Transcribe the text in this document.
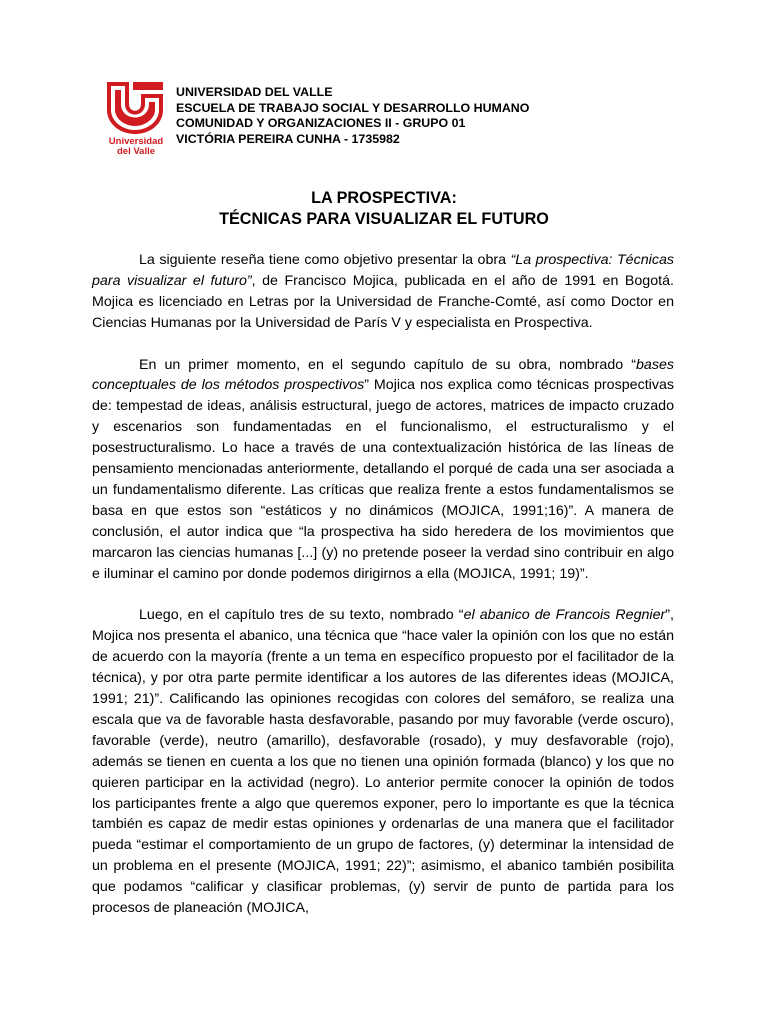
Universidad
del Valle
UNIVERSIDAD DEL VALLE
ESCUELA DE TRABAJO SOCIAL Y DESARROLLO HUMANO
COMUNIDAD Y ORGANIZACIONES II - GRUPO 01
VICTÓRIA PEREIRA CUNHA - 1735982
LA PROSPECTIVA:
TÉCNICAS PARA VISUALIZAR EL FUTURO

La siguiente reseña tiene como objetivo presentar la obra “La prospectiva: Técnicas para visualizar el futuro”, de Francisco Mojica, publicada en el año de 1991 en Bogotá. Mojica es licenciado en Letras por la Universidad de Franche-Comté, así como Doctor en Ciencias Humanas por la Universidad de París V y especialista en Prospectiva.

En un primer momento, en el segundo capítulo de su obra, nombrado “bases conceptuales de los métodos prospectivos” Mojica nos explica como técnicas prospectivas de: tempestad de ideas, análisis estructural, juego de actores, matrices de impacto cruzado y escenarios son fundamentadas en el funcionalismo, el estructuralismo y el posestructuralismo. Lo hace a través de una contextualización histórica de las líneas de pensamiento mencionadas anteriormente, detallando el porqué de cada una ser asociada a un fundamentalismo diferente. Las críticas que realiza frente a estos fundamentalismos se basa en que estos son “estáticos y no dinámicos (MOJICA, 1991;16)”. A manera de conclusión, el autor indica que “la prospectiva ha sido heredera de los movimientos que marcaron las ciencias humanas [...] (y) no pretende poseer la verdad sino contribuir en algo e iluminar el camino por donde podemos dirigirnos a ella (MOJICA, 1991; 19)”.

Luego, en el capítulo tres de su texto, nombrado “el abanico de Francois Regnier”, Mojica nos presenta el abanico, una técnica que “hace valer la opinión con los que no están de acuerdo con la mayoría (frente a un tema en específico propuesto por el facilitador de la técnica), y por otra parte permite identificar a los autores de las diferentes ideas (MOJICA, 1991; 21)”. Calificando las opiniones recogidas con colores del semáforo, se realiza una escala que va de favorable hasta desfavorable, pasando por muy favorable (verde oscuro), favorable (verde), neutro (amarillo), desfavorable (rosado), y muy desfavorable (rojo), además se tienen en cuenta a los que no tienen una opinión formada (blanco) y los que no quieren participar en la actividad (negro). Lo anterior permite conocer la opinión de todos los participantes frente a algo que queremos exponer, pero lo importante es que la técnica también es capaz de medir estas opiniones y ordenarlas de una manera que el facilitador pueda “estimar el comportamiento de un grupo de factores, (y) determinar la intensidad de un problema en el presente (MOJICA, 1991; 22)”; asimismo, el abanico también posibilita que podamos “calificar y clasificar problemas, (y) servir de punto de partida para los procesos de planeación (MOJICA,
